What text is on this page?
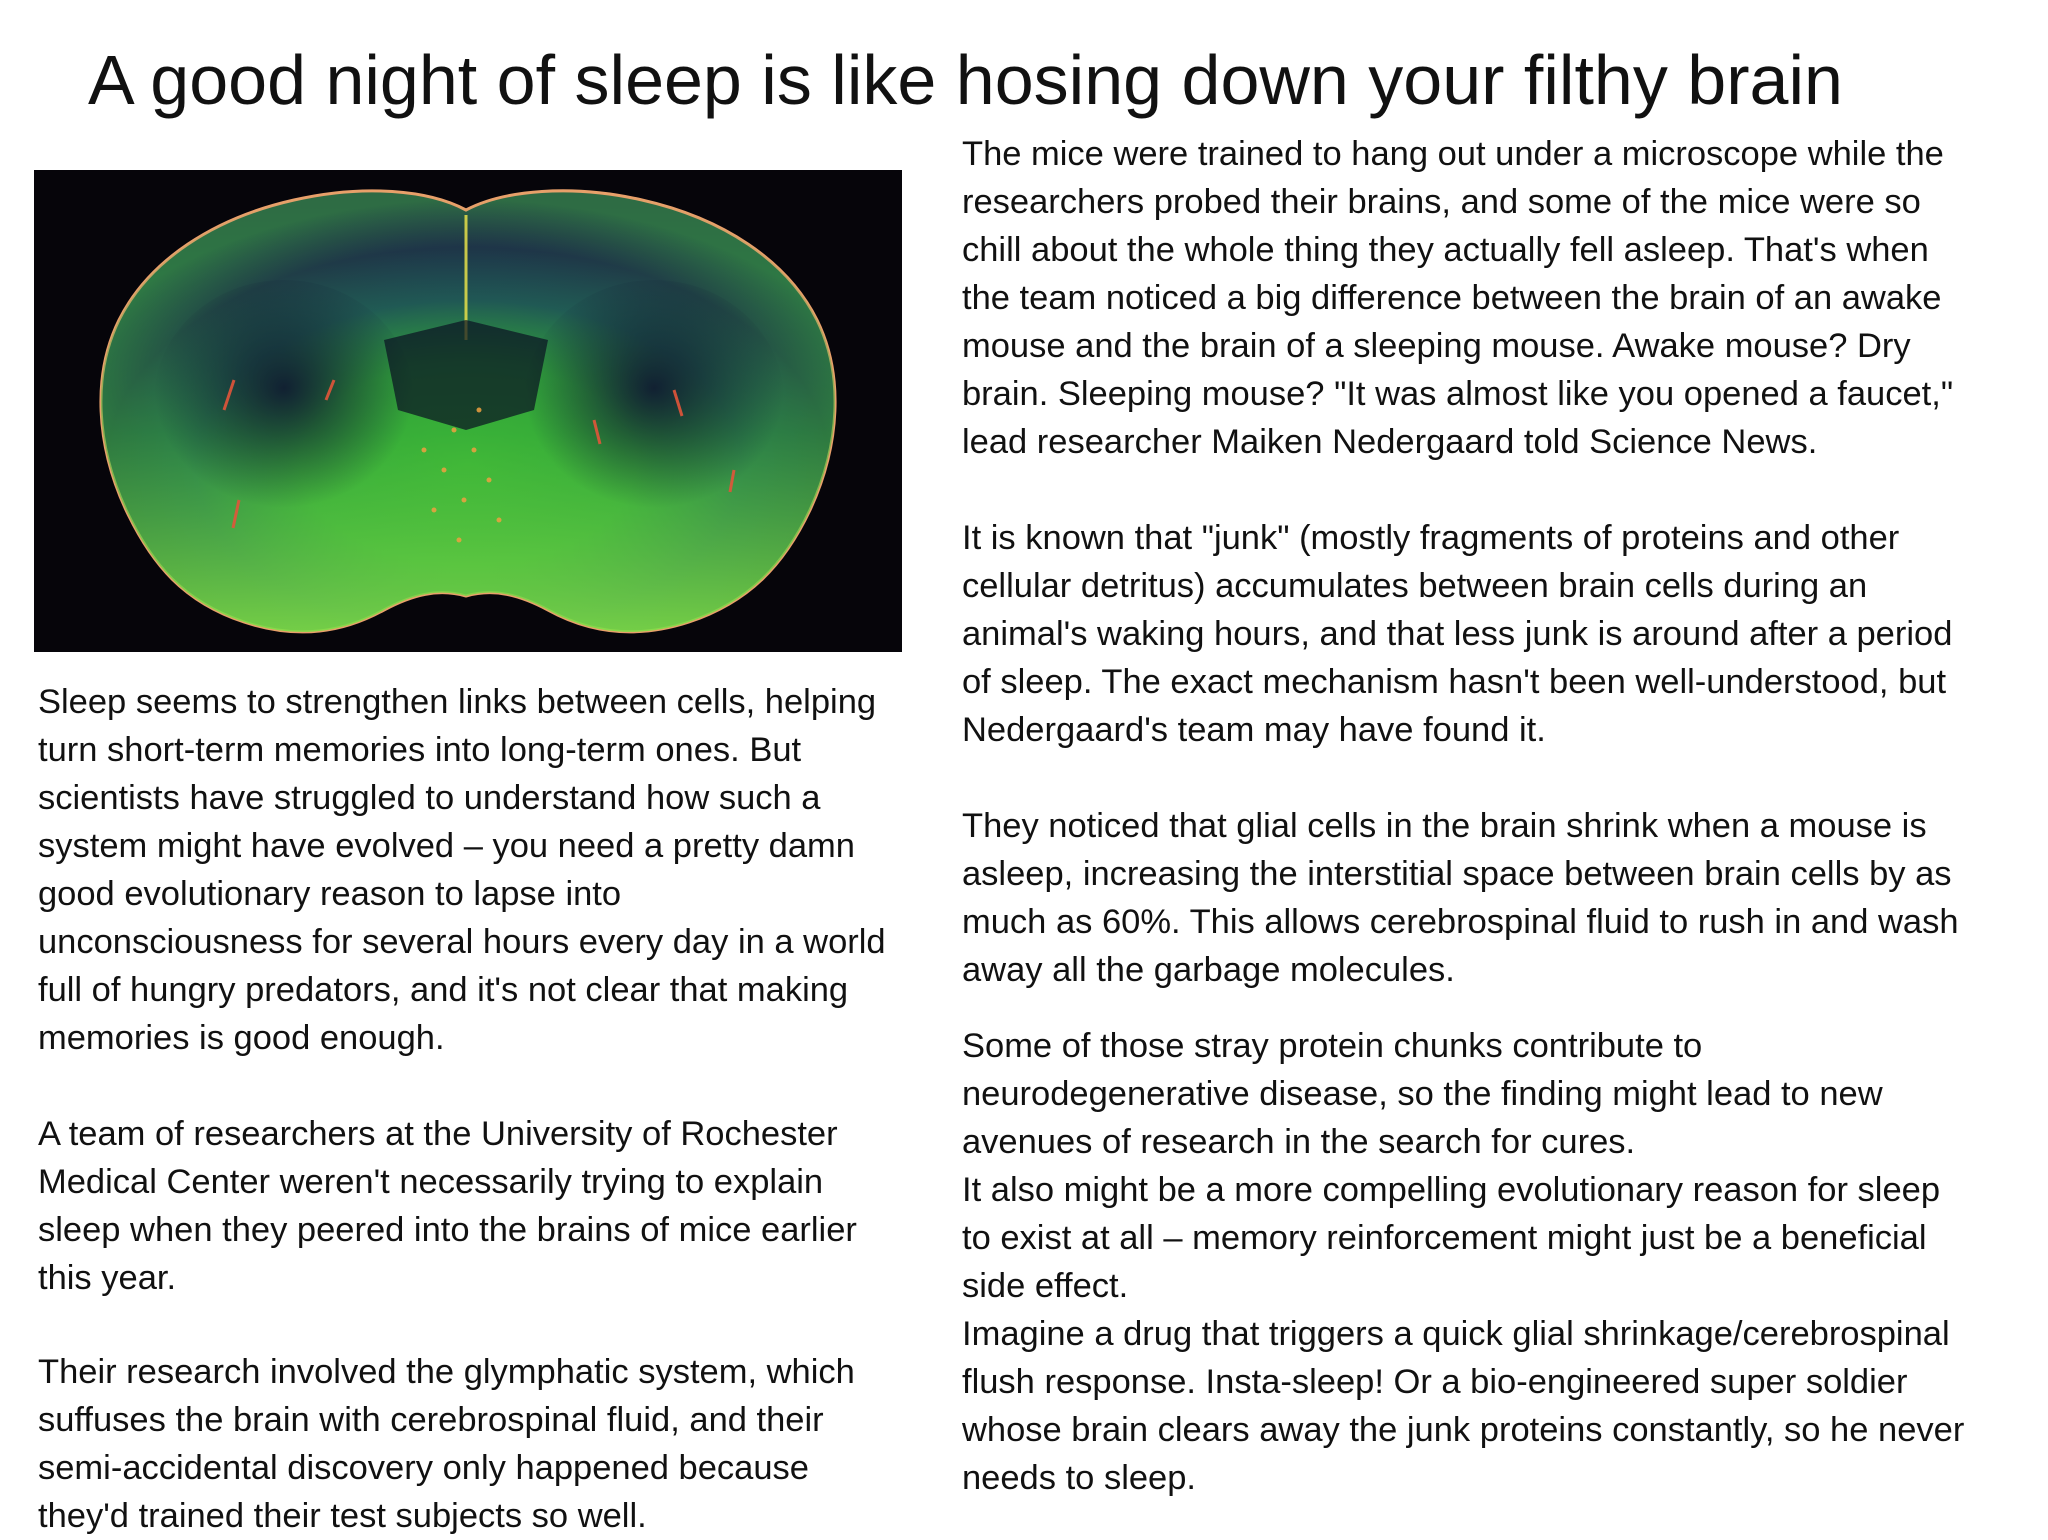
A good night of sleep is like hosing down your filthy brain

Sleep seems to strengthen links between cells, helping
turn short-term memories into long-term ones. But
scientists have struggled to understand how such a
system might have evolved – you need a pretty damn
good evolutionary reason to lapse into
unconsciousness for several hours every day in a world
full of hungry predators, and it's not clear that making
memories is good enough.

A team of researchers at the University of Rochester
Medical Center weren't necessarily trying to explain
sleep when they peered into the brains of mice earlier
this year.

Their research involved the glymphatic system, which
suffuses the brain with cerebrospinal fluid, and their
semi-accidental discovery only happened because
they'd trained their test subjects so well.

The mice were trained to hang out under a microscope while the
researchers probed their brains, and some of the mice were so
chill about the whole thing they actually fell asleep. That's when
the team noticed a big difference between the brain of an awake
mouse and the brain of a sleeping mouse. Awake mouse? Dry
brain. Sleeping mouse? "It was almost like you opened a faucet,"
lead researcher Maiken Nedergaard told Science News.

It is known that "junk" (mostly fragments of proteins and other
cellular detritus) accumulates between brain cells during an
animal's waking hours, and that less junk is around after a period
of sleep. The exact mechanism hasn't been well-understood, but
Nedergaard's team may have found it.

They noticed that glial cells in the brain shrink when a mouse is
asleep, increasing the interstitial space between brain cells by as
much as 60%. This allows cerebrospinal fluid to rush in and wash
away all the garbage molecules.

Some of those stray protein chunks contribute to
neurodegenerative disease, so the finding might lead to new
avenues of research in the search for cures.
It also might be a more compelling evolutionary reason for sleep
to exist at all – memory reinforcement might just be a beneficial
side effect.
Imagine a drug that triggers a quick glial shrinkage/cerebrospinal
flush response. Insta-sleep! Or a bio-engineered super soldier
whose brain clears away the junk proteins constantly, so he never
needs to sleep.
